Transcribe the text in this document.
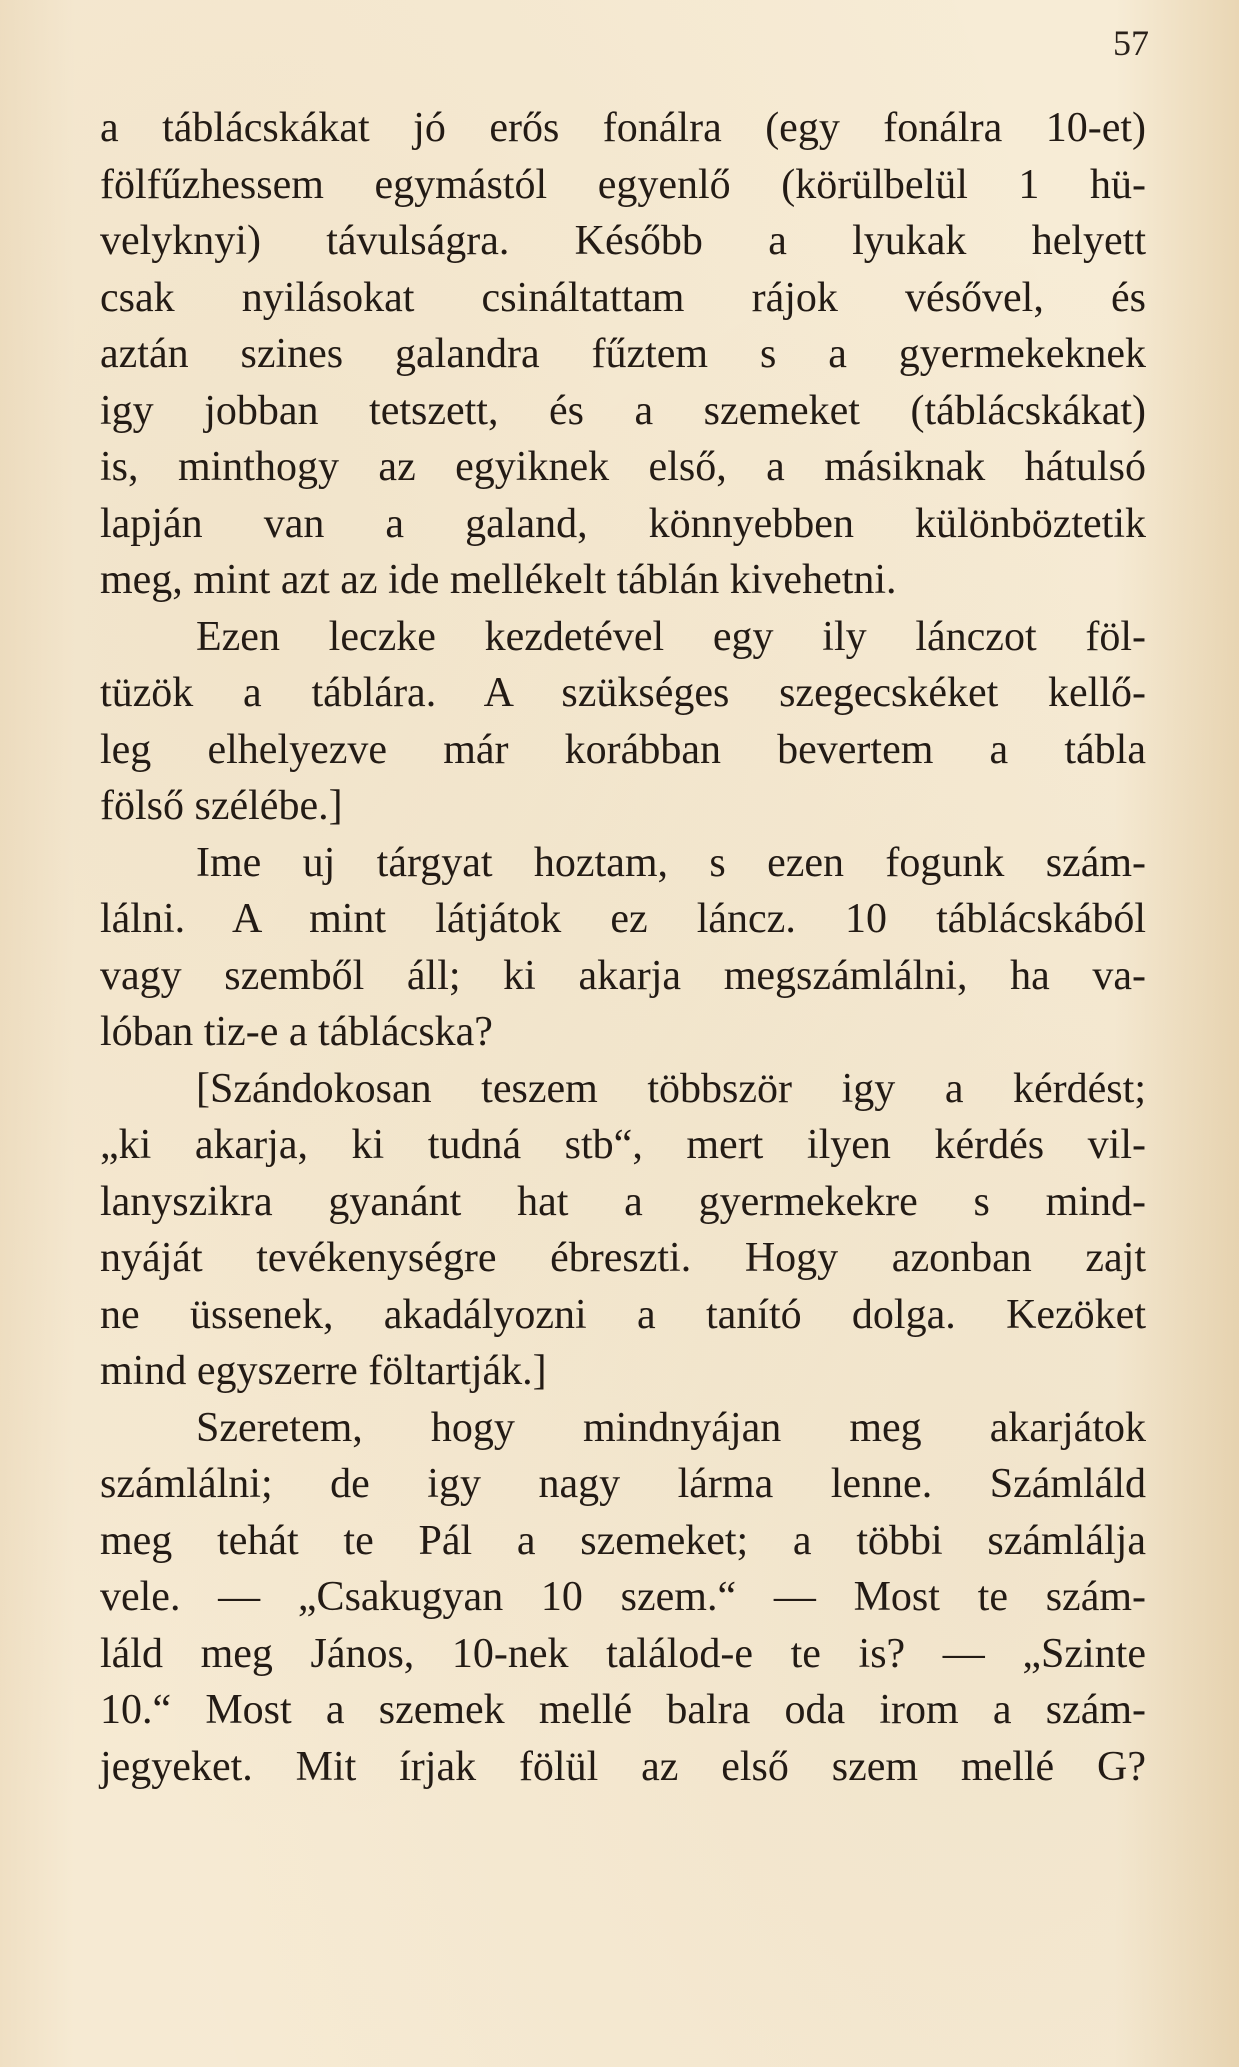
57
a táblácskákat jó erős fonálra (egy fonálra 10-et)
fölfűzhessem egymástól egyenlő (körülbelül 1 hü-
velyknyi) távulságra. Később a lyukak helyett
csak nyilásokat csináltattam rájok vésővel, és
aztán szines galandra fűztem s a gyermekeknek
igy jobban tetszett, és a szemeket (táblácskákat)
is, minthogy az egyiknek első, a másiknak hátulsó
lapján van a galand, könnyebben különböztetik
meg, mint azt az ide mellékelt táblán kivehetni.
Ezen leczke kezdetével egy ily lánczot föl-
tüzök a táblára. A szükséges szegecskéket kellő-
leg elhelyezve már korábban bevertem a tábla
fölső szélébe.]
Ime uj tárgyat hoztam, s ezen fogunk szám-
lálni. A mint látjátok ez láncz. 10 táblácskából
vagy szemből áll; ki akarja megszámlálni, ha va-
lóban tiz-e a táblácska?
[Szándokosan teszem többször igy a kérdést;
„ki akarja, ki tudná stb“, mert ilyen kérdés vil-
lanyszikra gyanánt hat a gyermekekre s mind-
nyáját tevékenységre ébreszti. Hogy azonban zajt
ne üssenek, akadályozni a tanító dolga. Kezöket
mind egyszerre föltartják.]
Szeretem, hogy mindnyájan meg akarjátok
számlálni; de igy nagy lárma lenne. Számláld
meg tehát te Pál a szemeket; a többi számlálja
vele. — „Csakugyan 10 szem.“ — Most te szám-
láld meg János, 10-nek találod-e te is? — „Szinte
10.“ Most a szemek mellé balra oda irom a szám-
jegyeket. Mit írjak fölül az első szem mellé G?
